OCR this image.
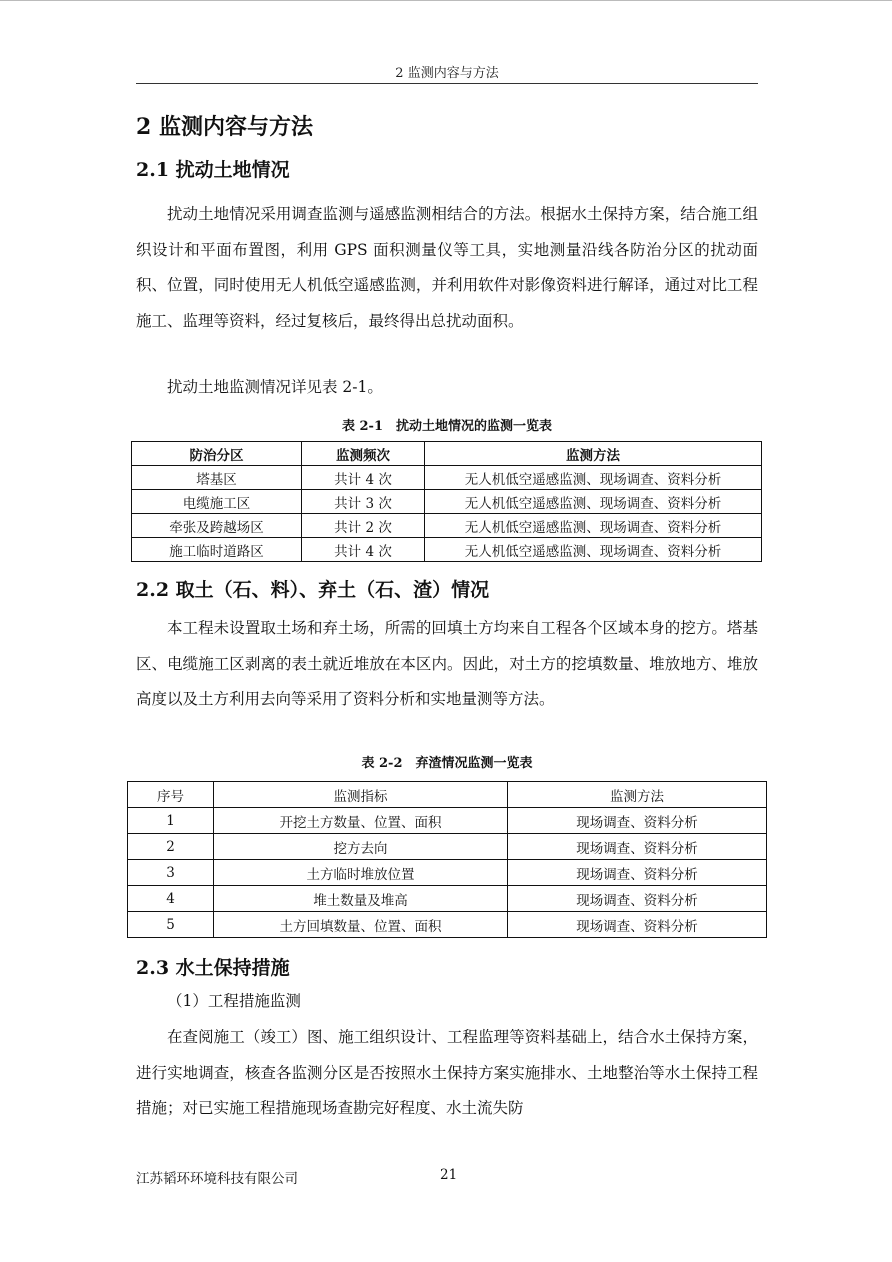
2 监测内容与方法
2 监测内容与方法
2.1 扰动土地情况

扰动土地情况采用调查监测与遥感监测相结合的方法。根据水土保持方案，结合施工组织设计和平面布置图，利用 GPS 面积测量仪等工具，实地测量沿线各防治分区的扰动面积、位置，同时使用无人机低空遥感监测，并利用软件对影像资料进行解译，通过对比工程施工、监理等资料，经过复核后，最终得出总扰动面积。

扰动土地监测情况详见表 2-1。

表 2-1　扰动土地情况的监测一览表
防治分区	监测频次	监测方法
塔基区	共计 4 次	无人机低空遥感监测、现场调查、资料分析
电缆施工区	共计 3 次	无人机低空遥感监测、现场调查、资料分析
牵张及跨越场区	共计 2 次	无人机低空遥感监测、现场调查、资料分析
施工临时道路区	共计 4 次	无人机低空遥感监测、现场调查、资料分析
2.2 取土（石、料）、弃土（石、渣）情况

本工程未设置取土场和弃土场，所需的回填土方均来自工程各个区域本身的挖方。塔基区、电缆施工区剥离的表土就近堆放在本区内。因此，对土方的挖填数量、堆放地方、堆放高度以及土方利用去向等采用了资料分析和实地量测等方法。

表 2-2　弃渣情况监测一览表
序号	监测指标	监测方法
1	开挖土方数量、位置、面积	现场调查、资料分析
2	挖方去向	现场调查、资料分析
3	土方临时堆放位置	现场调查、资料分析
4	堆土数量及堆高	现场调查、资料分析
5	土方回填数量、位置、面积	现场调查、资料分析
2.3 水土保持措施

（1）工程措施监测

在查阅施工（竣工）图、施工组织设计、工程监理等资料基础上，结合水土保持方案，进行实地调查，核查各监测分区是否按照水土保持方案实施排水、土地整治等水土保持工程措施；对已实施工程措施现场查勘完好程度、水土流失防

江苏韬环环境科技有限公司	21
